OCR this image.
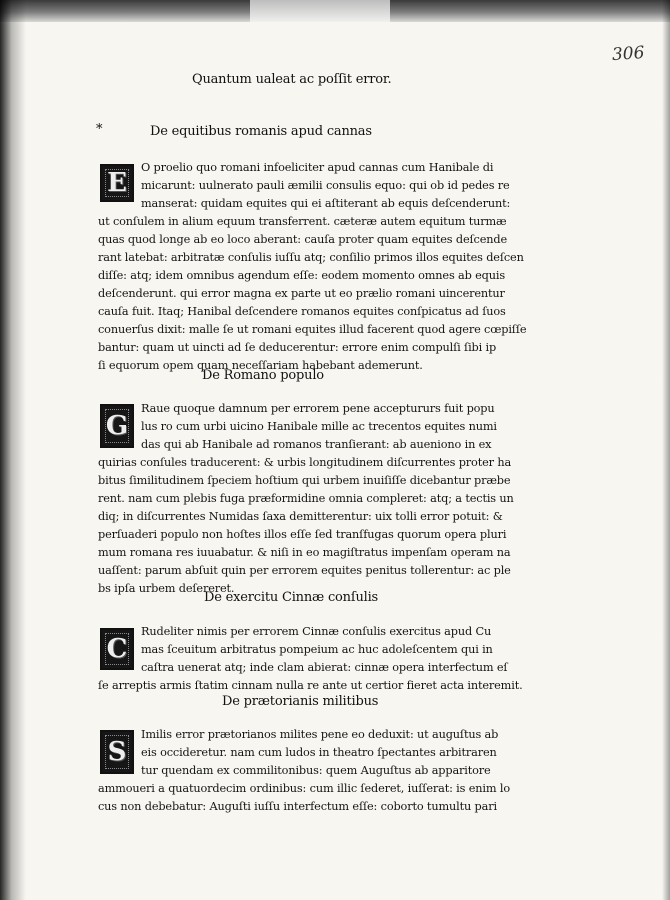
306
Quantum ualeat ac poſſit error.
*	De equitibus romanis apud cannas
E
O proelio quo romani infoeliciter apud cannas cum Hanibale di
micarunt: uulnerato pauli æmilii consulis equo: qui ob id pedes re
manserat: quidam equites qui ei aſtiterant ab equis deſcenderunt:
ut conſulem in alium equum transferrent. cæteræ autem equitum turmæ
quas quod longe ab eo loco aberant: cauſa proter quam equites deſcende
rant latebat: arbitratæ conſulis iuſſu atq; conſilio primos illos equites deſcen
diſſe: atq; idem omnibus agendum eſſe: eodem momento omnes ab equis
deſcenderunt. qui error magna ex parte ut eo prælio romani uincerentur
cauſa fuit. Itaq; Hanibal deſcendere romanos equites conſpicatus ad ſuos
conuerſus dixit: malle ſe ut romani equites illud facerent quod agere cœpiſſe
bantur: quam ut uincti ad ſe deducerentur: errore enim compulſi ſibi ip
ſi equorum opem quam neceſſariam habebant ademerunt.
De Romano populo
G
Raue quoque damnum per errorem pene acceptururs fuit popu
lus ro cum urbi uicino Hanibale mille ac trecentos equites numi
das qui ab Hanibale ad romanos tranſierant: ab aueniono in ex
quirias conſules traducerent: & urbis longitudinem diſcurrentes proter ha
bitus ſimilitudinem ſpeciem hoſtium qui urbem inuiſiſſe dicebantur præbe
rent. nam cum plebis fuga præformidine omnia compleret: atq; a tectis un
diq; in diſcurrentes Numidas ſaxa demitterentur: uix tolli error potuit: &
perſuaderi populo non hoſtes illos eſſe ſed tranſfugas quorum opera pluri
mum romana res iuuabatur. & niſi in eo magiſtratus impenſam operam na
uaſſent: parum abſuit quin per errorem equites penitus tollerentur: ac ple
bs ipſa urbem deſereret.
De exercitu Cinnæ conſulis
C
Rudeliter nimis per errorem Cinnæ conſulis exercitus apud Cu
mas ſceuitum arbitratus pompeium ac huc adoleſcentem qui in
caſtra uenerat atq; inde clam abierat: cinnæ opera interfectum eſ
ſe arreptis armis ſtatim cinnam nulla re ante ut certior fieret acta interemit.
De prætorianis militibus
S
Imilis error prætorianos milites pene eo deduxit: ut auguſtus ab
eis occideretur. nam cum ludos in theatro ſpectantes arbitraren
tur quendam ex commilitonibus: quem Auguſtus ab apparitore
ammoueri a quatuordecim ordinibus: cum illic ſederet, iuſſerat: is enim lo
cus non debebatur: Auguſti iuſſu interfectum eſſe: coborto tumultu pari
